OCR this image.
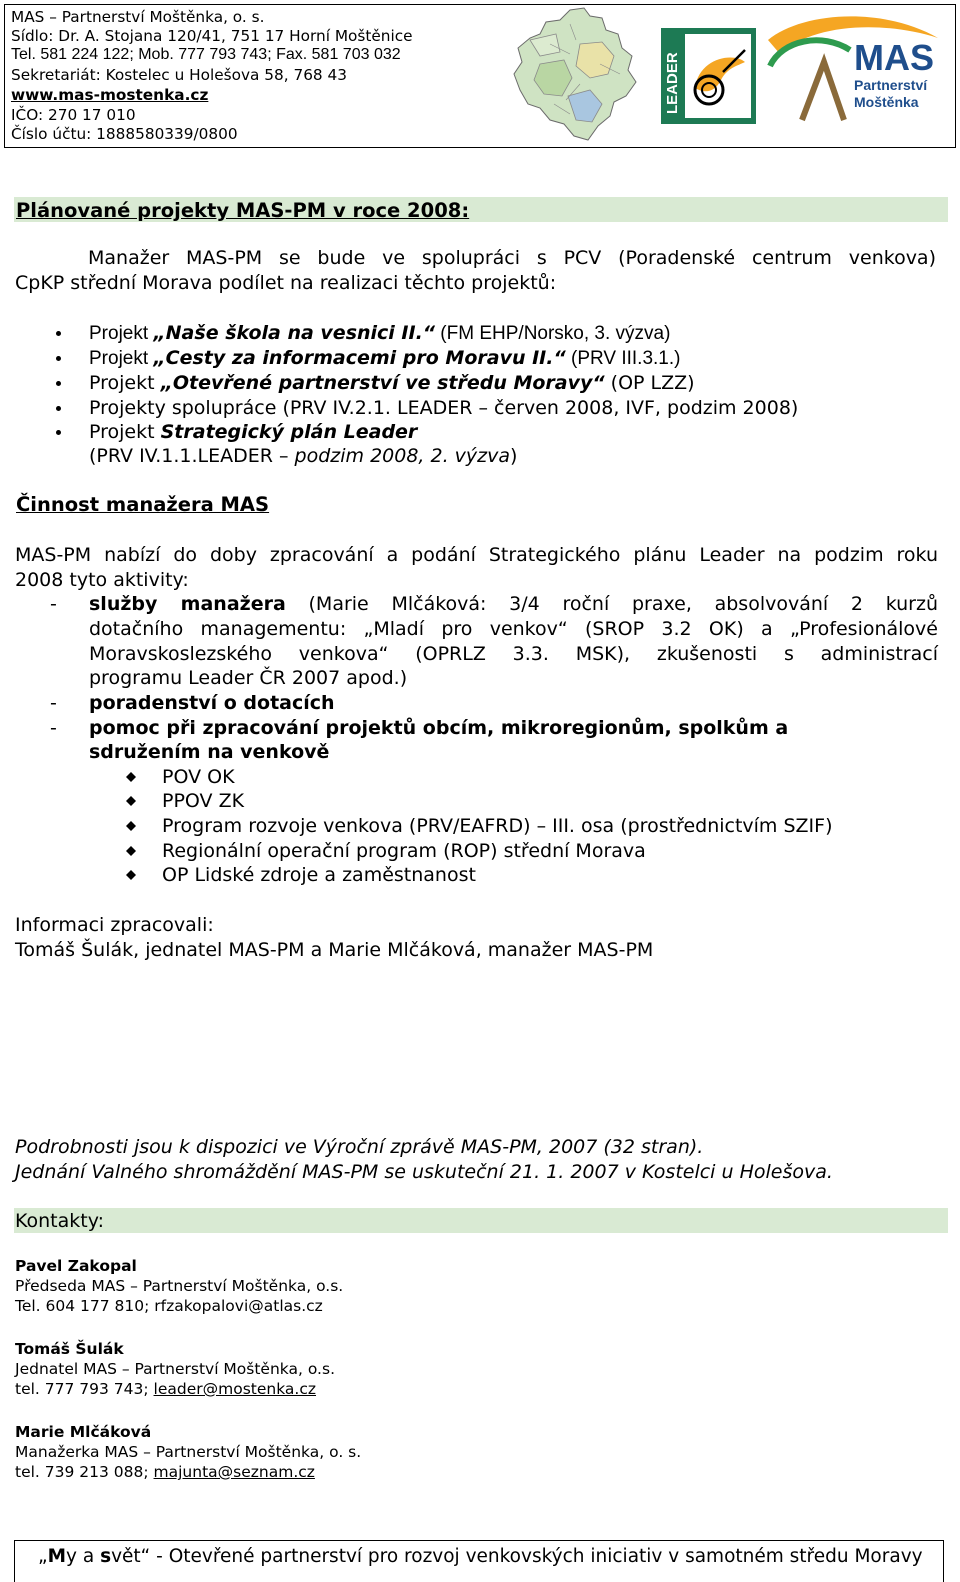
MAS – Partnerství Moštěnka, o. s.
Sídlo: Dr. A. Stojana 120/41, 751 17 Horní Moštěnice
Tel. 581 224 122; Mob. 777 793 743; Fax. 581 703 032
Sekretariát: Kostelec u Holešova 58, 768 43
www.mas-mostenka.cz
IČO: 270 17 010
Číslo účtu: 1888580339/0800
LEADER	MAS
Partnerství
Moštěnka
Plánované projekty MAS-PM v roce 2008:
Manažer MAS-PM se bude ve spolupráci s PCV (Poradenské centrum venkova)
CpKP střední Morava podílet na realizaci těchto projektů:
Projekt „Naše škola na vesnici II.“ (FM EHP/Norsko, 3. výzva)
Projekt „Cesty za informacemi pro Moravu II.“ (PRV III.3.1.)
Projekt „Otevřené partnerství ve středu Moravy“ (OP LZZ)
Projekty spolupráce (PRV IV.2.1. LEADER – červen 2008, IVF, podzim 2008)
Projekt Strategický plán Leader
(PRV IV.1.1.LEADER – podzim 2008, 2. výzva)
Činnost manažera MAS
MAS-PM nabízí do doby zpracování a podání Strategického plánu Leader na podzim roku
2008 tyto aktivity:
- služby manažera (Marie Mlčáková: 3/4 roční praxe, absolvování 2 kurzů
dotačního managementu: „Mladí pro venkov“ (SROP 3.2 OK) a „Profesionálové
Moravskoslezského venkova“ (OPRLZ 3.3. MSK), zkušenosti s administrací
programu Leader ČR 2007 apod.)
- poradenství o dotacích
- pomoc při zpracování projektů obcím, mikroregionům, spolkům a
sdružením na venkově
POV OK
PPOV ZK
Program rozvoje venkova (PRV/EAFRD) – III. osa (prostřednictvím SZIF)
Regionální operační program (ROP) střední Morava
OP Lidské zdroje a zaměstnanost
Informaci zpracovali:
Tomáš Šulák, jednatel MAS-PM a Marie Mlčáková, manažer MAS-PM
Podrobnosti jsou k dispozici ve Výroční zprávě MAS-PM, 2007 (32 stran).
Jednání Valného shromáždění MAS-PM se uskuteční 21. 1. 2007 v Kostelci u Holešova.
Kontakty:
Pavel Zakopal
Předseda MAS – Partnerství Moštěnka, o.s.
Tel. 604 177 810; rfzakopalovi@atlas.cz
Tomáš Šulák
Jednatel MAS – Partnerství Moštěnka, o.s.
tel. 777 793 743; leader@mostenka.cz
Marie Mlčáková
Manažerka MAS – Partnerství Moštěnka, o. s.
tel. 739 213 088; majunta@seznam.cz
„My a svět“ - Otevřené partnerství pro rozvoj venkovských iniciativ v samotném středu Moravy
